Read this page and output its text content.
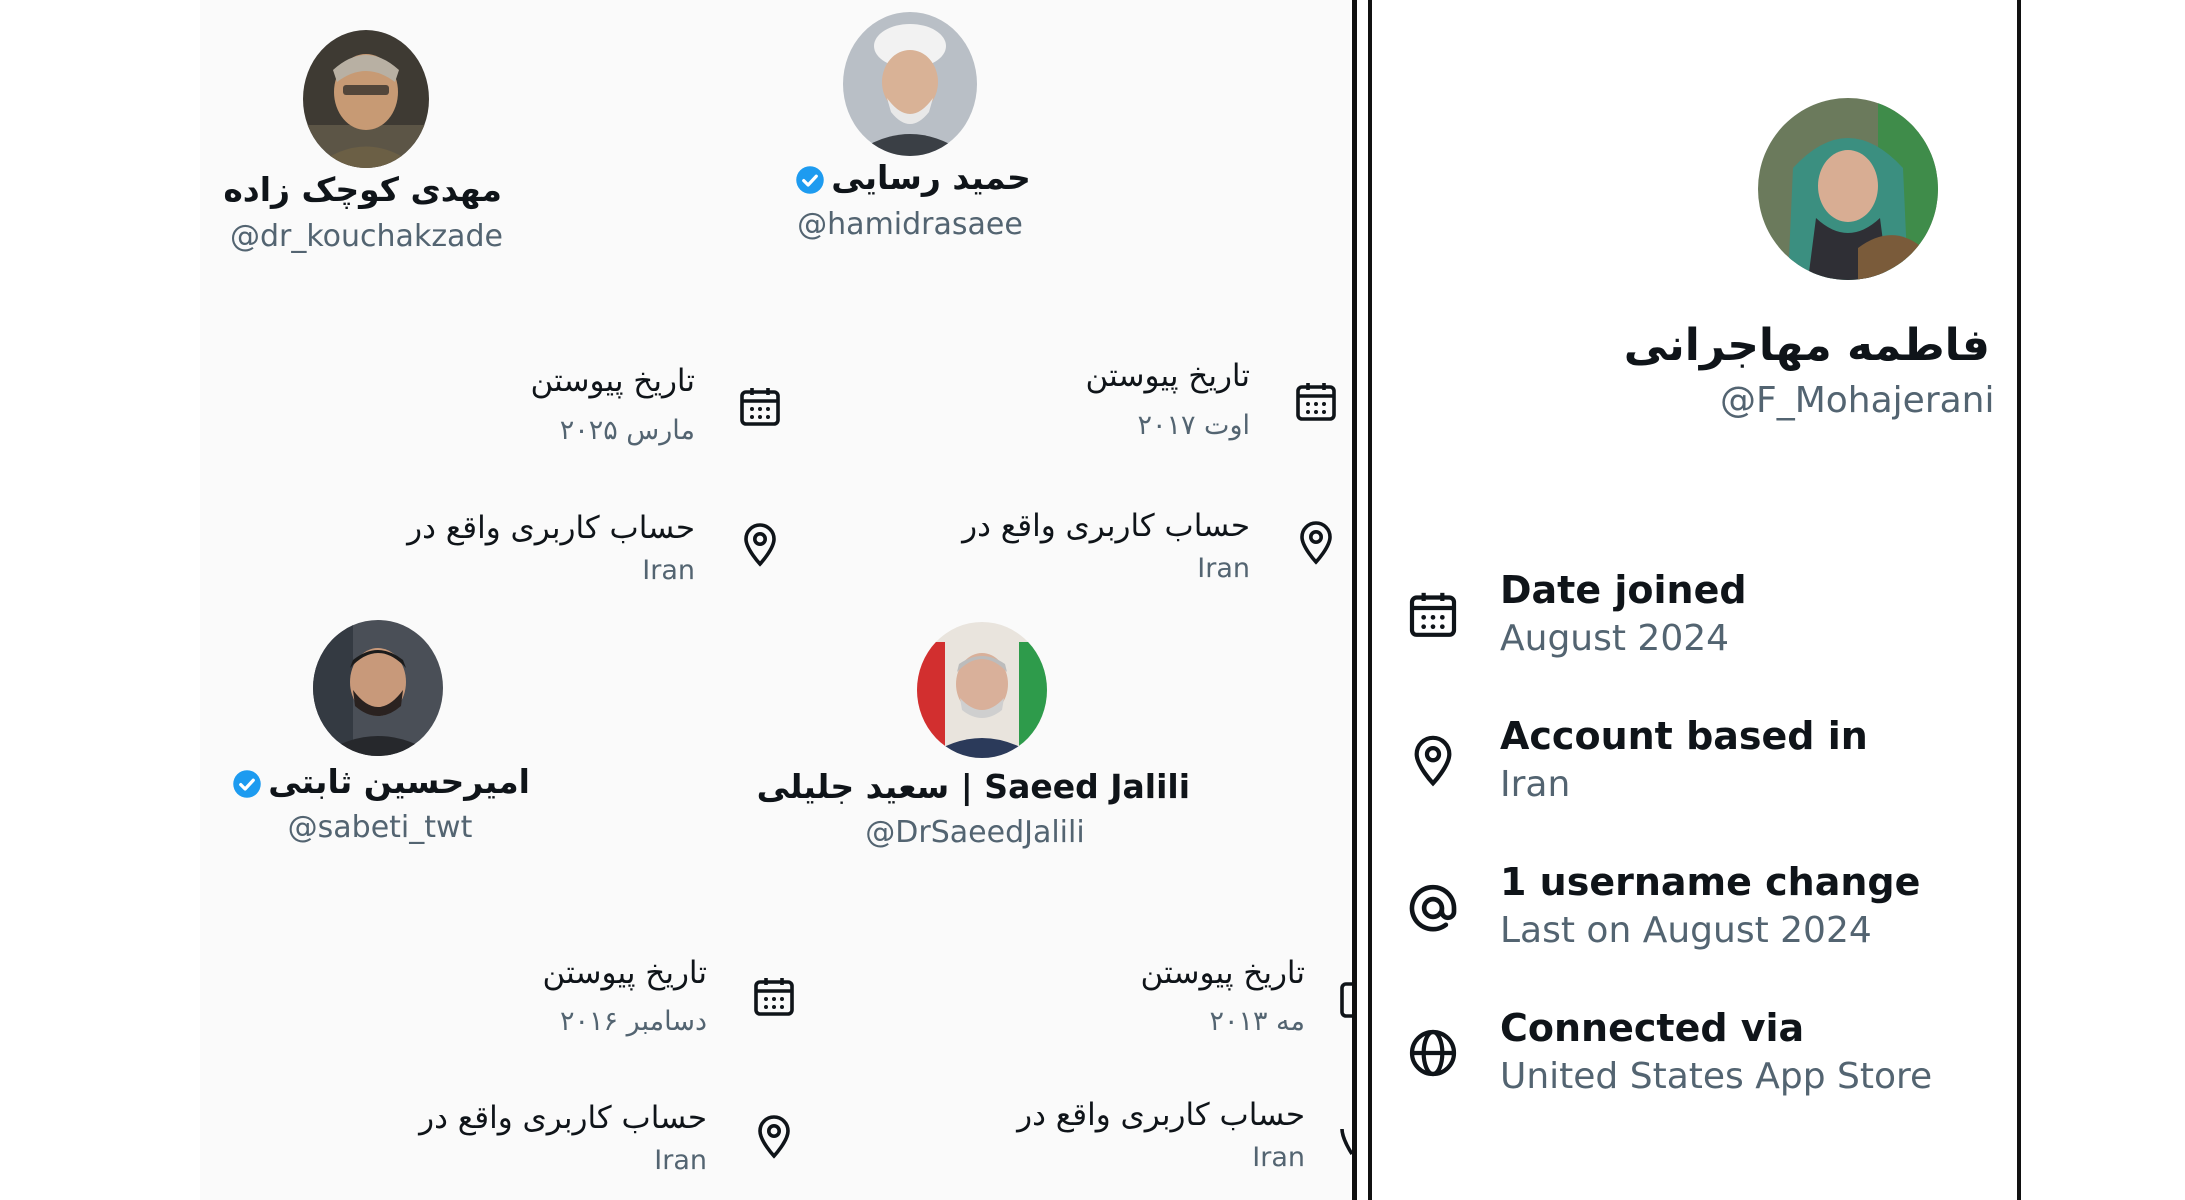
مهدی کوچک زاده
@dr_kouchakzade
حمید رسایی
@hamidrasaee
تاریخ پیوستن
مارس ۲۰۲۵
حساب کاربری واقع در
Iran
تاریخ پیوستن
اوت ۲۰۱۷
حساب کاربری واقع در
Iran
امیرحسین ثابتی
@sabeti_twt
Saeed Jalili | سعید جلیلی
@DrSaeedJalili
تاریخ پیوستن
دسامبر ۲۰۱۶
حساب کاربری واقع در
Iran
تاریخ پیوستن
مه ۲۰۱۳
حساب کاربری واقع در
Iran
فاطمه مهاجرانی
@F_Mohajerani
Date joined
August 2024
Account based in
Iran
1 username change
Last on August 2024
Connected via
United States App Store
